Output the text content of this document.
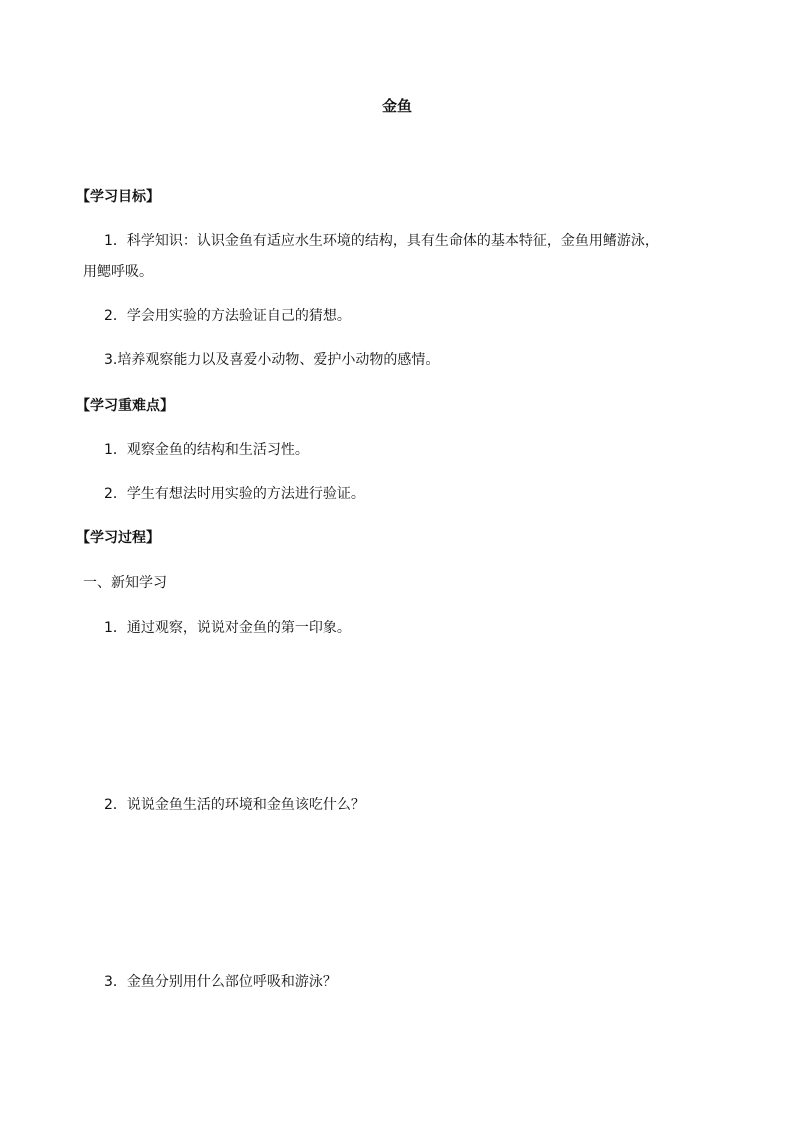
金鱼
【学习目标】
1．科学知识：认识金鱼有适应水生环境的结构，具有生命体的基本特征，金鱼用鳍游泳，
用鳃呼吸。
2．学会用实验的方法验证自己的猜想。
3.培养观察能力以及喜爱小动物、爱护小动物的感情。
【学习重难点】
1．观察金鱼的结构和生活习性。
2．学生有想法时用实验的方法进行验证。
【学习过程】
一、新知学习
1．通过观察，说说对金鱼的第一印象。
2．说说金鱼生活的环境和金鱼该吃什么？
3．金鱼分别用什么部位呼吸和游泳？
